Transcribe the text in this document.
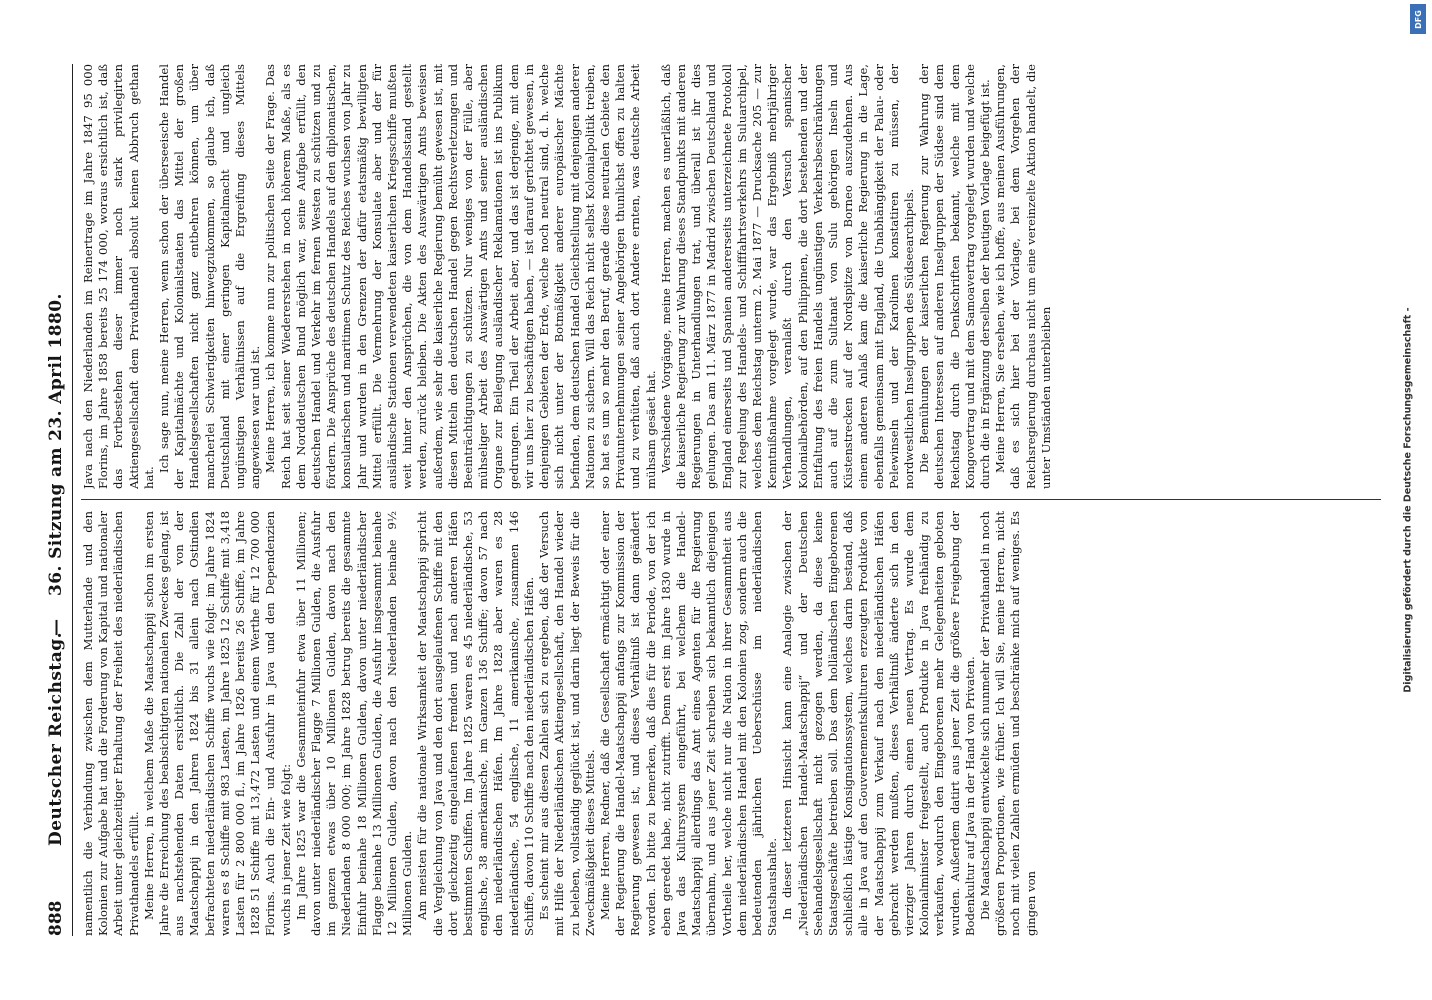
888
Deutscher Reichstag.
—
36. Sitzung am 23. April 1880.

namentlich die Verbindung zwischen dem Mutterlande und den Kolonien zur Aufgabe hat und die Forderung von Kapital und nationaler Arbeit unter gleichzeitiger Erhaltung der Freiheit des niederländischen Privathandels erfüllt. Meine Herren, in welchem Maße die Maatschappij schon im ersten Jahre die Erreichung des beabsichtigten nationalen Zweckes gelang, ist aus nachstehenden Daten ersichtlich. Die Zahl der von der Maatschappij in den Jahren 1824 bis 31 allein nach Ostindien befrachteten niederländischen Schiffe wuchs wie folgt: im Jahre 1824 waren es 8 Schiffe mit 983 Lasten, im Jahre 1825 12 Schiffe mit 3,418 Lasten für 2 800 000 fl., im Jahre 1826 bereits 26 Schiffe, im Jahre 1828 51 Schiffe mit 13,472 Lasten und einem Werthe für 12 700 000 Florins. Auch die Ein- und Ausfuhr in Java und den Dependenzien wuchs in jener Zeit wie folgt: Im Jahre 1825 war die Gesammteinfuhr etwa über 11 Millionen; davon unter niederländischer Flagge 7 Millionen Gulden, die Ausfuhr im ganzen etwas über 10 Millionen Gulden, davon nach den Niederlanden 8 000 000; im Jahre 1828 betrug bereits die gesammte Einfuhr beinahe 18 Millionen Gulden, davon unter niederländischer Flagge beinahe 13 Millionen Gulden, die Ausfuhr insgesammt beinahe 12 Millionen Gulden, davon nach den Niederlanden beinahe 9½ Millionen Gulden. Am meisten für die nationale Wirksamkeit der Maatschappij spricht die Vergleichung von Java und den dort ausgelaufenen Schiffe mit den dort gleichzeitig eingelaufenen fremden und nach anderen Häfen bestimmten Schiffen. Im Jahre 1825 waren es 45 niederländische, 53 englische, 38 amerikanische, im Ganzen 136 Schiffe; davon 57 nach den niederländischen Häfen. Im Jahre 1828 aber waren es 28 niederländische, 54 englische, 11 amerikanische, zusammen 146 Schiffe, davon 110 Schiffe nach den niederländischen Häfen. Es scheint mir aus diesen Zahlen sich zu ergeben, daß der Versuch mit Hilfe der Niederländischen Aktiengesellschaft, den Handel wieder zu beleben, vollständig geglückt ist, und darin liegt der Beweis für die Zweckmäßigkeit dieses Mittels. Meine Herren, Redner, daß die Gesellschaft ermächtigt oder einer der Regierung die Handel-Maatschappij anfangs zur Kommission der Regierung gewesen ist, und dieses Verhältniß ist dann geändert worden. Ich bitte zu bemerken, daß dies für die Periode, von der ich eben geredet habe, nicht zutrifft. Denn erst im Jahre 1830 wurde in Java das Kultursystem eingeführt, bei welchem die Handel-Maatschappij allerdings das Amt eines Agenten für die Regierung übernahm, und aus jener Zeit schreiben sich bekanntlich diejenigen Vortheile her, welche nicht nur die Nation in ihrer Gesammtheit aus dem niederländischen Handel mit den Kolonien zog, sondern auch die bedeutenden jährlichen Ueberschüsse im niederländischen Staatshaushalte. In dieser letzteren Hinsicht kann eine Analogie zwischen der „Niederländischen Handel-Maatschappij“ und der Deutschen Seehandelsgesellschaft nicht gezogen werden, da diese keine Staatsgeschäfte betreiben soll. Das dem holländischen Eingeborenen schließlich lästige Konsignationssystem, welches darin bestand, daß alle in Java auf den Gouvernementskulturen erzeugten Produkte von der Maatschappij zum Verkauf nach den niederländischen Häfen gebracht werden mußten, dieses Verhältniß änderte sich in den vierziger Jahren durch einen neuen Vertrag. Es wurde dem Kolonialminister freigestellt, auch Produkte in Java freihändig zu verkaufen, wodurch den Eingeborenen mehr Gelegenheiten geboten wurden. Außerdem datirt aus jener Zeit die größere Freigebung der Bodenkultur auf Java in der Hand von Privaten. Die Maatschappij entwickelte sich nunmehr der Privathandel in noch größeren Proportionen, wie früher. Ich will Sie, meine Herren, nicht noch mit vielen Zahlen ermüden und beschränke mich auf weniges. Es gingen von

Java nach den Niederlanden im Reinertrage im Jahre 1847 95 000 Florins, im Jahre 1858 bereits 25 174 000, woraus ersichtlich ist, daß das Fortbestehen dieser immer noch stark privilegirten Aktiengesellschaft dem Privathandel absolut keinen Abbruch gethan hat.

Ich sage nun, meine Herren, wenn schon der überseeische Handel der Kapitalmächte und Kolonialstaaten das Mittel der großen Handelsgesellschaften nicht ganz entbehren können, um über mancherlei Schwierigkeiten hinwegzukommen, so glaube ich, daß Deutschland mit einer geringen Kapitalmacht und ungleich ungünstigen Verhältnissen auf die Ergreifung dieses Mittels angewiesen war und ist. Meine Herren, ich komme nun zur politischen Seite der Frage. Das Reich hat seit seiner Wiedererstehen in noch höherem Maße, als es dem Norddeutschen Bund möglich war, seine Aufgabe erfüllt, den deutschen Handel und Verkehr im fernen Westen zu schützen und zu fördern. Die Ansprüche des deutschen Handels auf den diplomatischen, konsularischen und maritimen Schutz des Reiches wuchsen von Jahr zu Jahr und wurden in den Grenzen der dafür etatsmäßig bewilligten Mittel erfüllt. Die Vermehrung der Konsulate aber und der für ausländische Stationen verwendeten kaiserlichen Kriegsschiffe mußten weit hinter den Ansprüchen, die von dem Handelsstand gestellt werden, zurück bleiben. Die Akten des Auswärtigen Amts beweisen außerdem, wie sehr die kaiserliche Regierung bemüht gewesen ist, mit diesen Mitteln den deutschen Handel gegen Rechtsverletzungen und Beeinträchtigungen zu schützen. Nur weniges von der Fülle, aber mühseliger Arbeit des Auswärtigen Amts und seiner ausländischen Organe zur Beilegung ausländischer Reklamationen ist ins Publikum gedrungen. Ein Theil der Arbeit aber, und das ist derjenige, mit dem wir uns hier zu beschäftigen haben, — ist darauf gerichtet gewesen, in denjenigen Gebieten der Erde, welche noch neutral sind, d. h. welche sich nicht unter der Botmäßigkeit anderer europäischer Mächte befinden, dem deutschen Handel Gleichstellung mit denjenigen anderer Nationen zu sichern. Will das Reich nicht selbst Kolonialpolitik treiben, so hat es um so mehr den Beruf, gerade diese neutralen Gebiete den Privatunternehmungen seiner Angehörigen thunlichst offen zu halten und zu verhüten, daß auch dort Andere ernten, was deutsche Arbeit mühsam gesäet hat. Verschiedene Vorgänge, meine Herren, machen es unerläßlich, daß die kaiserliche Regierung zur Wahrung dieses Standpunkts mit anderen Regierungen in Unterhandlungen trat, und überall ist ihr dies gelungen. Das am 11. März 1877 in Madrid zwischen Deutschland und England einerseits und Spanien andererseits unterzeichnete Protokoll zur Regelung des Handels- und Schifffahrtsverkehrs im Suluarchipel, welches dem Reichstag unterm 2. Mai 1877 — Drucksache 205 — zur Kenntnißnahme vorgelegt wurde, war das Ergebniß mehrjähriger Verhandlungen, veranlaßt durch den Versuch spanischer Kolonialbehörden, auf den Philippinen, die dort bestehenden und der Entfaltung des freien Handels ungünstigen Verkehrsbeschränkungen auch auf die zum Sultanat von Sulu gehörigen Inseln und Küstenstrecken auf der Nordspitze von Borneo auszudehnen. Aus einem anderen Anlaß kam die kaiserliche Regierung in die Lage, ebenfalls gemeinsam mit England, die Unabhängigkeit der Palau- oder Pelewinseln und der Karolinen konstatiren zu müssen, der nordwestlichen Inselgruppen des Südseearchipels. Die Bemühungen der kaiserlichen Regierung zur Wahrung der deutschen Interessen auf anderen Inselgruppen der Südsee sind dem Reichstag durch die Denkschriften bekannt, welche mit dem Kongovertrag und mit dem Samoavertrag vorgelegt wurden und welche durch die in Ergänzung derselben der heutigen Vorlage beigefügt ist. Meine Herren, Sie ersehen, wie ich hoffe, aus meinen Ausführungen, daß es sich hier bei der Vorlage, bei dem Vorgehen der Reichsregierung durchaus nicht um eine vereinzelte Aktion handelt, die unter Umständen unterbleiben	Digitalisierung gefördert durch die Deutsche Forschungsgemeinschaft -
DFG
